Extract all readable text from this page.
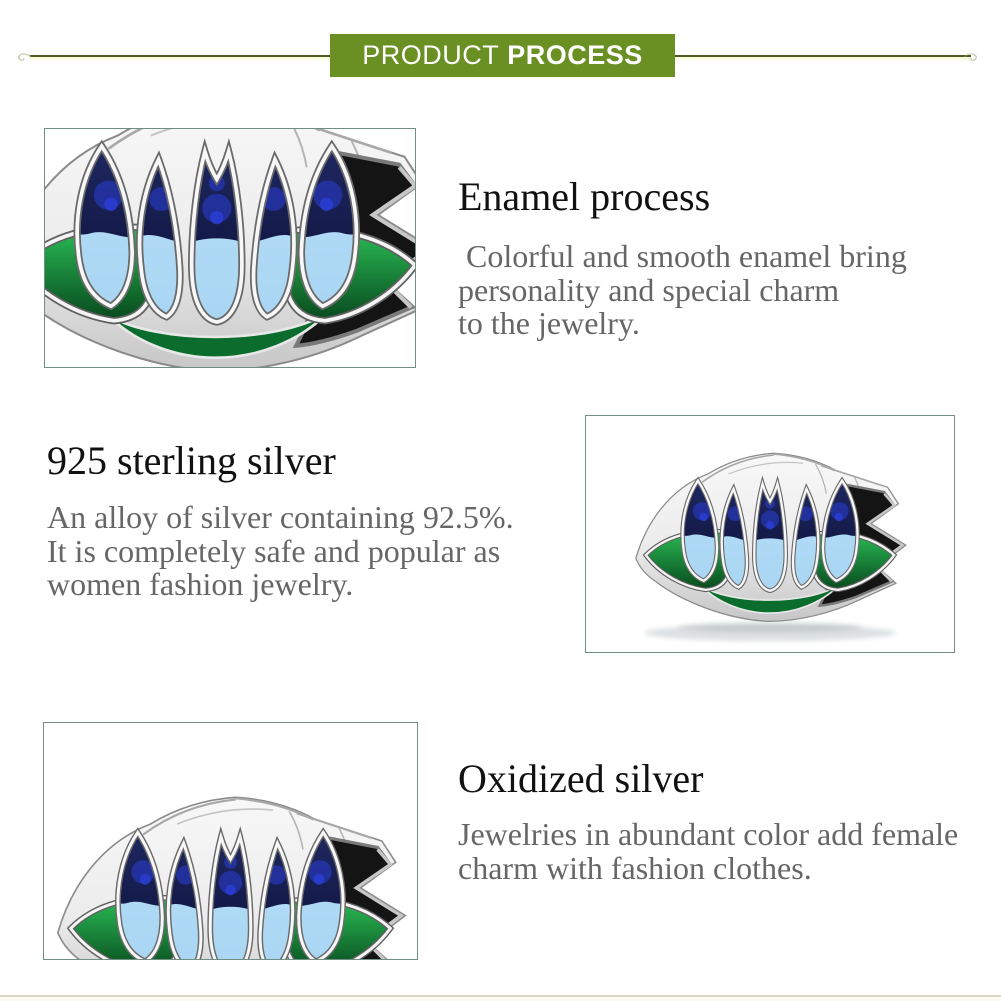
PRODUCT
PROCESS
Enamel process
Colorful and smooth enamel bring
personality and special charm
to the jewelry.
925 sterling silver
An alloy of silver containing 92.5%.
It is completely safe and popular as
women fashion jewelry.
Oxidized silver
Jewelries in abundant color add female
charm with fashion clothes.
